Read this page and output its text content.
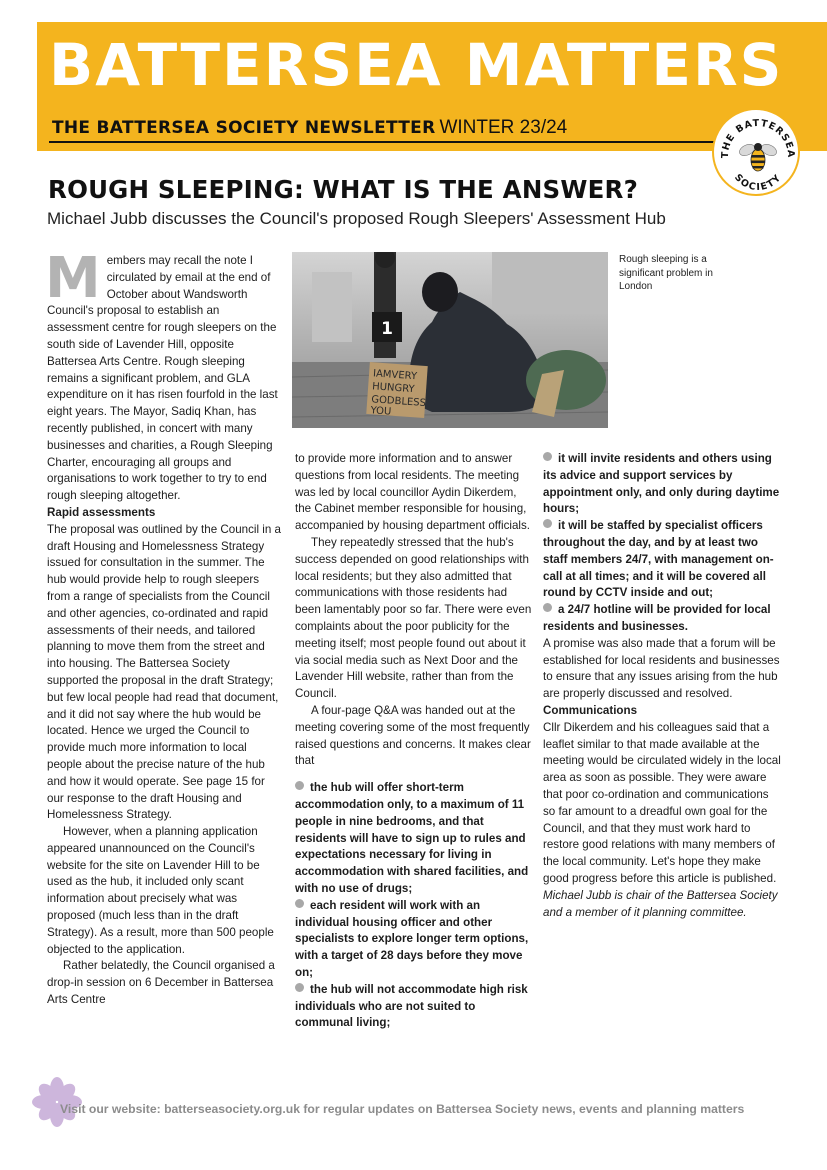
BATTERSEA MATTERS
THE BATTERSEA SOCIETY NEWSLETTER WINTER 23/24
THE BATTERSEA
SOCIETY
ROUGH SLEEPING: WHAT IS THE ANSWER?
Michael Jubb discusses the Council's proposed Rough Sleepers' Assessment Hub

Members may recall the note I circulated by email at the end of October about Wandsworth Council's proposal to establish an assessment centre for rough sleepers on the south side of Lavender Hill, opposite Battersea Arts Centre. Rough sleeping remains a significant problem, and GLA expenditure on it has risen fourfold in the last eight years. The Mayor, Sadiq Khan, has recently published, in concert with many businesses and charities, a Rough Sleeping Charter, encouraging all groups and organisations to work together to try to end rough sleeping altogether.

Rapid assessments

The proposal was outlined by the Council in a draft Housing and Homelessness Strategy issued for consultation in the summer. The hub would provide help to rough sleepers from a range of specialists from the Council and other agencies, co-ordinated and rapid assessments of their needs, and tailored planning to move them from the street and into housing. The Battersea Society supported the proposal in the draft Strategy; but few local people had read that document, and it did not say where the hub would be located. Hence we urged the Council to provide much more information to local people about the precise nature of the hub and how it would operate. See page 15 for our response to the draft Housing and Homelessness Strategy.

However, when a planning application appeared unannounced on the Council's website for the site on Lavender Hill to be used as the hub, it included only scant information about precisely what was proposed (much less than in the draft Strategy). As a result, more than 500 people objected to the application.

Rather belatedly, the Council organised a drop-in session on 6 December in Battersea Arts Centre

1
IAMVERY
HUNGRY
GODBLESS
YOU
Rough sleeping is a significant problem in London

to provide more information and to answer questions from local residents. The meeting was led by local councillor Aydin Dikerdem, the Cabinet member responsible for housing, accompanied by housing department officials.

They repeatedly stressed that the hub's success depended on good relationships with local residents; but they also admitted that communications with those residents had been lamentably poor so far. There were even complaints about the poor publicity for the meeting itself; most people found out about it via social media such as Next Door and the Lavender Hill website, rather than from the Council.

A four-page Q&A was handed out at the meeting covering some of the most frequently raised questions and concerns. It makes clear that

the hub will offer short-term accommodation only, to a maximum of 11 people in nine bedrooms, and that residents will have to sign up to rules and expectations necessary for living in accommodation with shared facilities, and with no use of drugs;

each resident will work with an individual housing officer and other specialists to explore longer term options, with a target of 28 days before they move on;

the hub will not accommodate high risk individuals who are not suited to communal living;

it will invite residents and others using its advice and support services by appointment only, and only during daytime hours;

it will be staffed by specialist officers throughout the day, and by at least two staff members 24/7, with management on-call at all times; and it will be covered all round by CCTV inside and out;

a 24/7 hotline will be provided for local residents and businesses.

A promise was also made that a forum will be established for local residents and businesses to ensure that any issues arising from the hub are properly discussed and resolved.

Communications

Cllr Dikerdem and his colleagues said that a leaflet similar to that made available at the meeting would be circulated widely in the local area as soon as possible. They were aware that poor co-ordination and communications so far amount to a dreadful own goal for the Council, and that they must work hard to restore good relations with many members of the local community. Let's hope they make good progress before this article is published.

Michael Jubb is chair of the Battersea Society and a member of it planning committee.

Visit our website: batterseasociety.org.uk for regular updates on Battersea Society news, events and planning matters
